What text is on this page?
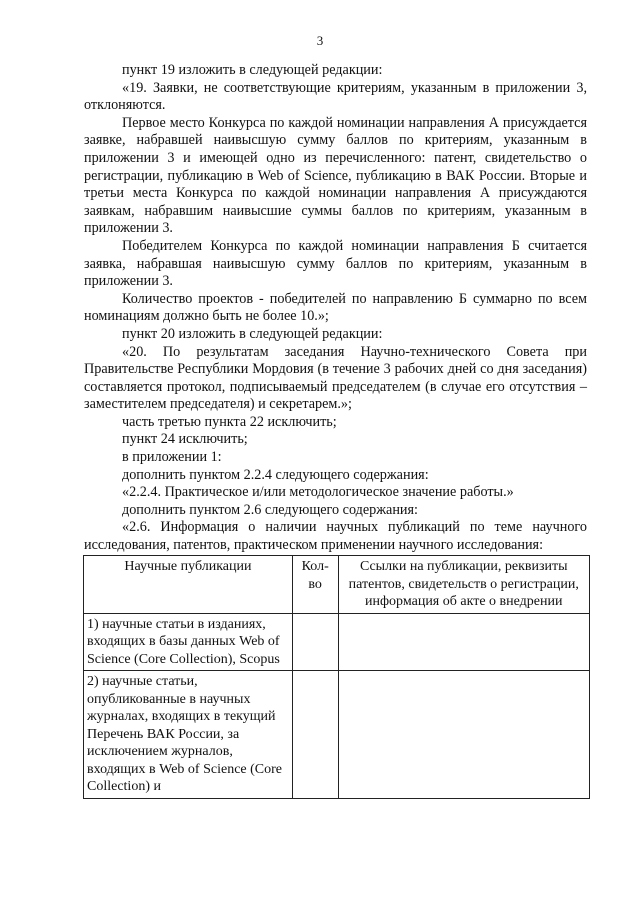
3

пункт 19 изложить в следующей редакции:

«19. Заявки, не соответствующие критериям, указанным в приложении 3, отклоняются.

Первое место Конкурса по каждой номинации направления А присуждается заявке, набравшей наивысшую сумму баллов по критериям, указанным в приложении 3 и имеющей одно из перечисленного: патент, свидетельство о регистрации, публикацию в Web of Science, публикацию в ВАК России. Вторые и третьи места Конкурса по каждой номинации направления А присуждаются заявкам, набравшим наивысшие суммы баллов по критериям, указанным в приложении 3.

Победителем Конкурса по каждой номинации направления Б считается заявка, набравшая наивысшую сумму баллов по критериям, указанным в приложении 3.

Количество проектов - победителей по направлению Б суммарно по всем номинациям должно быть не более 10.»;

пункт 20 изложить в следующей редакции:

«20. По результатам заседания Научно-технического Совета при Правительстве Республики Мордовия (в течение 3 рабочих дней со дня заседания) составляется протокол, подписываемый председателем (в случае его отсутствия – заместителем председателя) и секретарем.»;

часть третью пункта 22 исключить;

пункт 24 исключить;

в приложении 1:

дополнить пунктом 2.2.4 следующего содержания:

«2.2.4. Практическое и/или методологическое значение работы.»

дополнить пунктом 2.6 следующего содержания:

«2.6. Информация о наличии научных публикаций по теме научного исследования, патентов, практическом применении научного исследования:

Научные публикации	Кол-во	Ссылки на публикации, реквизиты патентов, свидетельств о регистрации, информация об акте о внедрении
1) научные статьи в изданиях, входящих в базы данных Web of Science (Core Collection), Scopus		
2) научные статьи, опубликованные в научных журналах, входящих в текущий Перечень ВАК России, за исключением журналов, входящих в Web of Science (Core Collection) и		
